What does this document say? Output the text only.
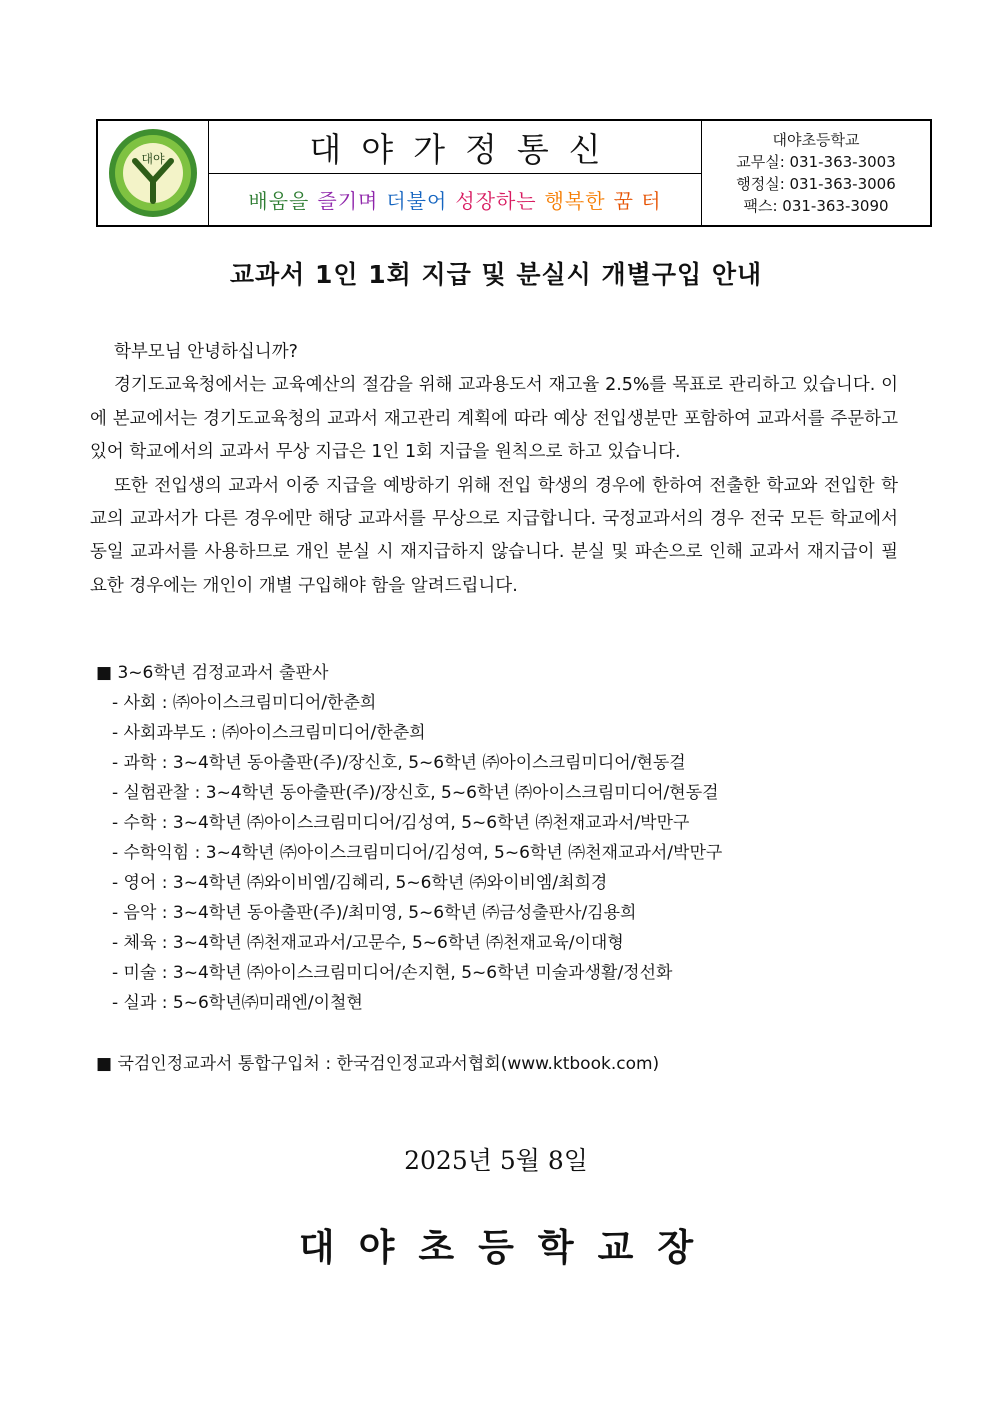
대야	대야가정통신
배움을 즐기며 더불어 성장하는 행복한 꿈 터
대야초등학교
교무실: 031-363-3003
행정실: 031-363-3006
팩스: 031-363-3090
교과서 1인 1회 지급 및 분실시 개별구입 안내

학부모님 안녕하십니까?

경기도교육청에서는 교육예산의 절감을 위해 교과용도서 재고율 2.5%를 목표로 관리하고 있습니다. 이에 본교에서는 경기도교육청의 교과서 재고관리 계획에 따라 예상 전입생분만 포함하여 교과서를 주문하고 있어 학교에서의 교과서 무상 지급은 1인 1회 지급을 원칙으로 하고 있습니다.

또한 전입생의 교과서 이중 지급을 예방하기 위해 전입 학생의 경우에 한하여 전출한 학교와 전입한 학교의 교과서가 다른 경우에만 해당 교과서를 무상으로 지급합니다. 국정교과서의 경우 전국 모든 학교에서 동일 교과서를 사용하므로 개인 분실 시 재지급하지 않습니다. 분실 및 파손으로 인해 교과서 재지급이 필요한 경우에는 개인이 개별 구입해야 함을 알려드립니다.

■ 3~6학년 검정교과서 출판사

- 사회 : ㈜아이스크림미디어/한춘희

- 사회과부도 : ㈜아이스크림미디어/한춘희

- 과학 : 3~4학년 동아출판(주)/장신호, 5~6학년 ㈜아이스크림미디어/현동걸

- 실험관찰 : 3~4학년 동아출판(주)/장신호, 5~6학년 ㈜아이스크림미디어/현동걸

- 수학 : 3~4학년 ㈜아이스크림미디어/김성여, 5~6학년 ㈜천재교과서/박만구

- 수학익힘 : 3~4학년 ㈜아이스크림미디어/김성여, 5~6학년 ㈜천재교과서/박만구

- 영어 : 3~4학년 ㈜와이비엠/김혜리, 5~6학년 ㈜와이비엠/최희경

- 음악 : 3~4학년 동아출판(주)/최미영, 5~6학년 ㈜금성출판사/김용희

- 체육 : 3~4학년 ㈜천재교과서/고문수, 5~6학년 ㈜천재교육/이대형

- 미술 : 3~4학년 ㈜아이스크림미디어/손지현, 5~6학년 미술과생활/정선화

- 실과 : 5~6학년㈜미래엔/이철현

■ 국검인정교과서 통합구입처 : 한국검인정교과서협회(www.ktbook.com)
2025년 5월 8일
대야초등학교장
